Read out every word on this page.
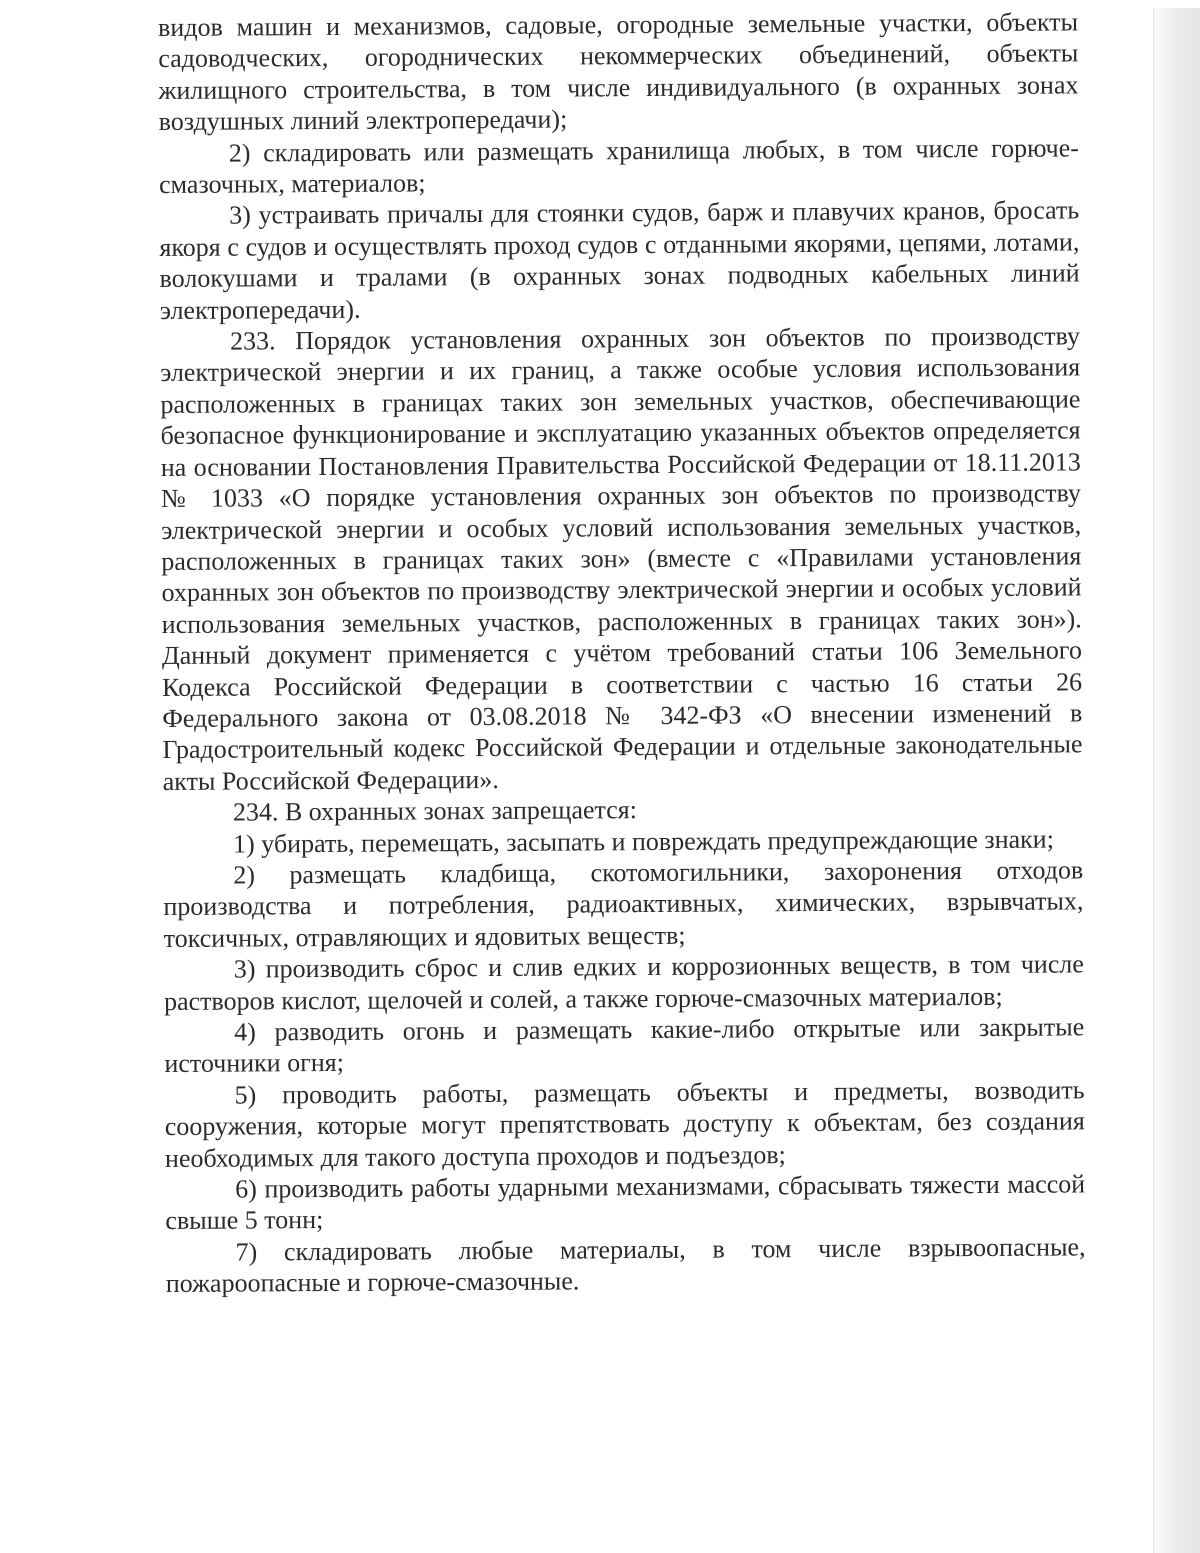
видов машин и механизмов, садовые, огородные земельные участки, объекты садоводческих, огороднических некоммерческих объединений, объекты жилищного строительства, в том числе индивидуального (в охранных зонах воздушных линий электропередачи);

2) складировать или размещать хранилища любых, в том числе горюче-смазочных, материалов;

3) устраивать причалы для стоянки судов, барж и плавучих кранов, бросать якоря с судов и осуществлять проход судов с отданными якорями, цепями, лотами, волокушами и тралами (в охранных зонах подводных кабельных линий электропередачи).

233. Порядок установления охранных зон объектов по производству электрической энергии и их границ, а также особые условия использования расположенных в границах таких зон земельных участков, обеспечивающие безопасное функционирование и эксплуатацию указанных объектов определяется на основании Постановления Правительства Российской Федерации от 18.11.2013 № 1033 «О порядке установления охранных зон объектов по производству электрической энергии и особых условий использования земельных участков, расположенных в границах таких зон» (вместе с «Правилами установления охранных зон объектов по производству электрической энергии и особых условий использования земельных участков, расположенных в границах таких зон»). Данный документ применяется с учётом требований статьи 106 Земельного Кодекса Российской Федерации в соответствии с частью 16 статьи 26 Федерального закона от 03.08.2018 № 342-ФЗ «О внесении изменений в Градостроительный кодекс Российской Федерации и отдельные законодательные акты Российской Федерации».

234. В охранных зонах запрещается:

1) убирать, перемещать, засыпать и повреждать предупреждающие знаки;

2) размещать кладбища, скотомогильники, захоронения отходов производства и потребления, радиоактивных, химических, взрывчатых, токсичных, отравляющих и ядовитых веществ;

3) производить сброс и слив едких и коррозионных веществ, в том числе растворов кислот, щелочей и солей, а также горюче-смазочных материалов;

4) разводить огонь и размещать какие-либо открытые или закрытые источники огня;

5) проводить работы, размещать объекты и предметы, возводить сооружения, которые могут препятствовать доступу к объектам, без создания необходимых для такого доступа проходов и подъездов;

6) производить работы ударными механизмами, сбрасывать тяжести массой свыше 5 тонн;

7) складировать любые материалы, в том числе взрывоопасные, пожароопасные и горюче-смазочные.
